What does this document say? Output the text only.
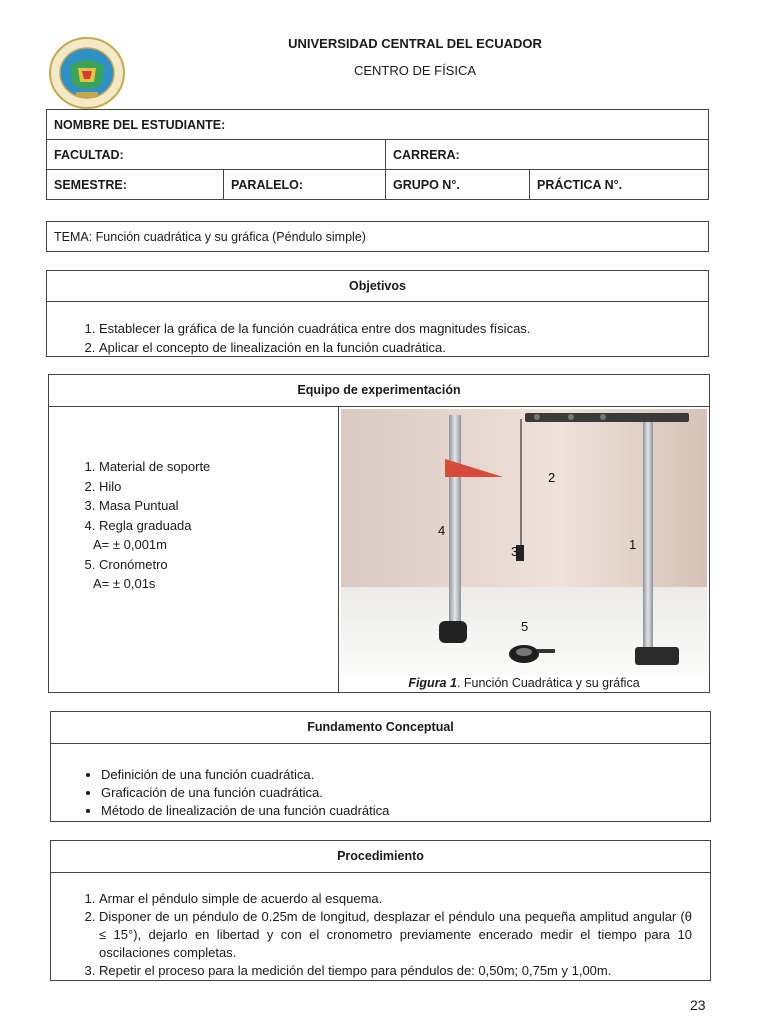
UNIVERSIDAD CENTRAL DEL ECUADOR
CENTRO DE FÍSICA
NOMBRE DEL ESTUDIANTE:			
FACULTAD:		CARRERA:	
SEMESTRE:	PARALELO:	GRUPO N°.	PRÁCTICA N°.
TEMA: Función cuadrática y su gráfica (Péndulo simple)
Objetivos
1. Establecer la gráfica de la función cuadrática entre dos magnitudes físicas.
2. Aplicar el concepto de linealización en la función cuadrática.
Equipo de experimentación
1. Material de soporte
2. Hilo
3. Masa Puntual
4. Regla graduada
A= ± 0,001m
5. Cronómetro
A= ± 0,01s
2
4
3	1
5
Figura 1. Función Cuadrática y su gráfica
Fundamento Conceptual
• Definición de una función cuadrática.
• Graficación de una función cuadrática.
• Método de linealización de una función cuadrática
Procedimiento
1. Armar el péndulo simple de acuerdo al esquema.
2. Disponer de un péndulo de 0.25m de longitud, desplazar el péndulo una pequeña amplitud angular (θ ≤ 15°), dejarlo en libertad y con el cronometro previamente encerado medir el tiempo para 10 oscilaciones completas.
3. Repetir el proceso para la medición del tiempo para péndulos de: 0,50m; 0,75m y 1,00m.
23
